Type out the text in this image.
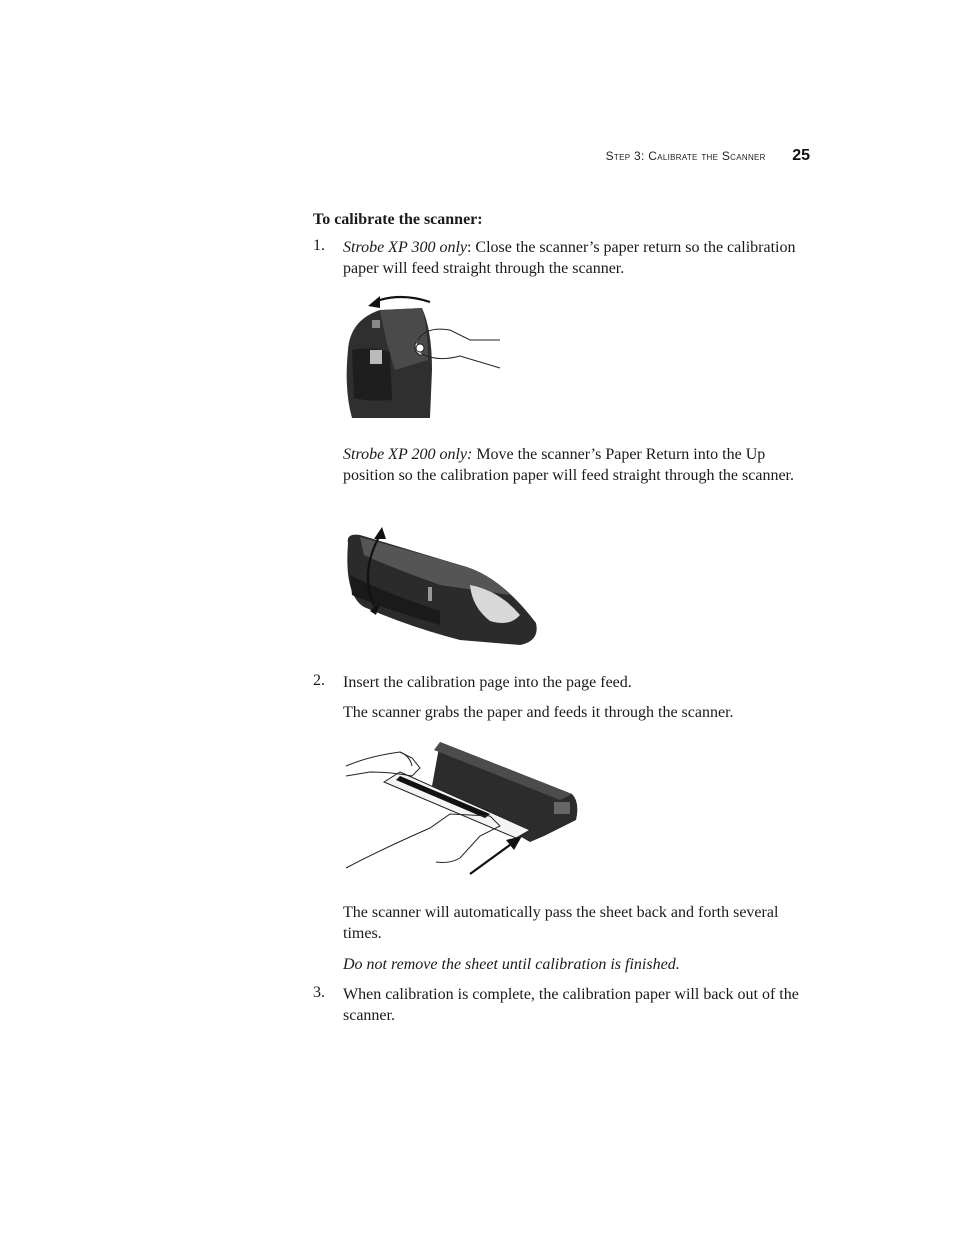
Step 3: Calibrate the Scanner 25
To calibrate the scanner:
1. Strobe XP 300 only: Close the scanner’s paper return so the calibration paper will feed straight through the scanner.
Strobe XP 200 only: Move the scanner’s Paper Return into the Up position so the calibration paper will feed straight through the scanner.
2. Insert the calibration page into the page feed.
The scanner grabs the paper and feeds it through the scanner.
The scanner will automatically pass the sheet back and forth several times.
Do not remove the sheet until calibration is finished.
3. When calibration is complete, the calibration paper will back out of the scanner.
